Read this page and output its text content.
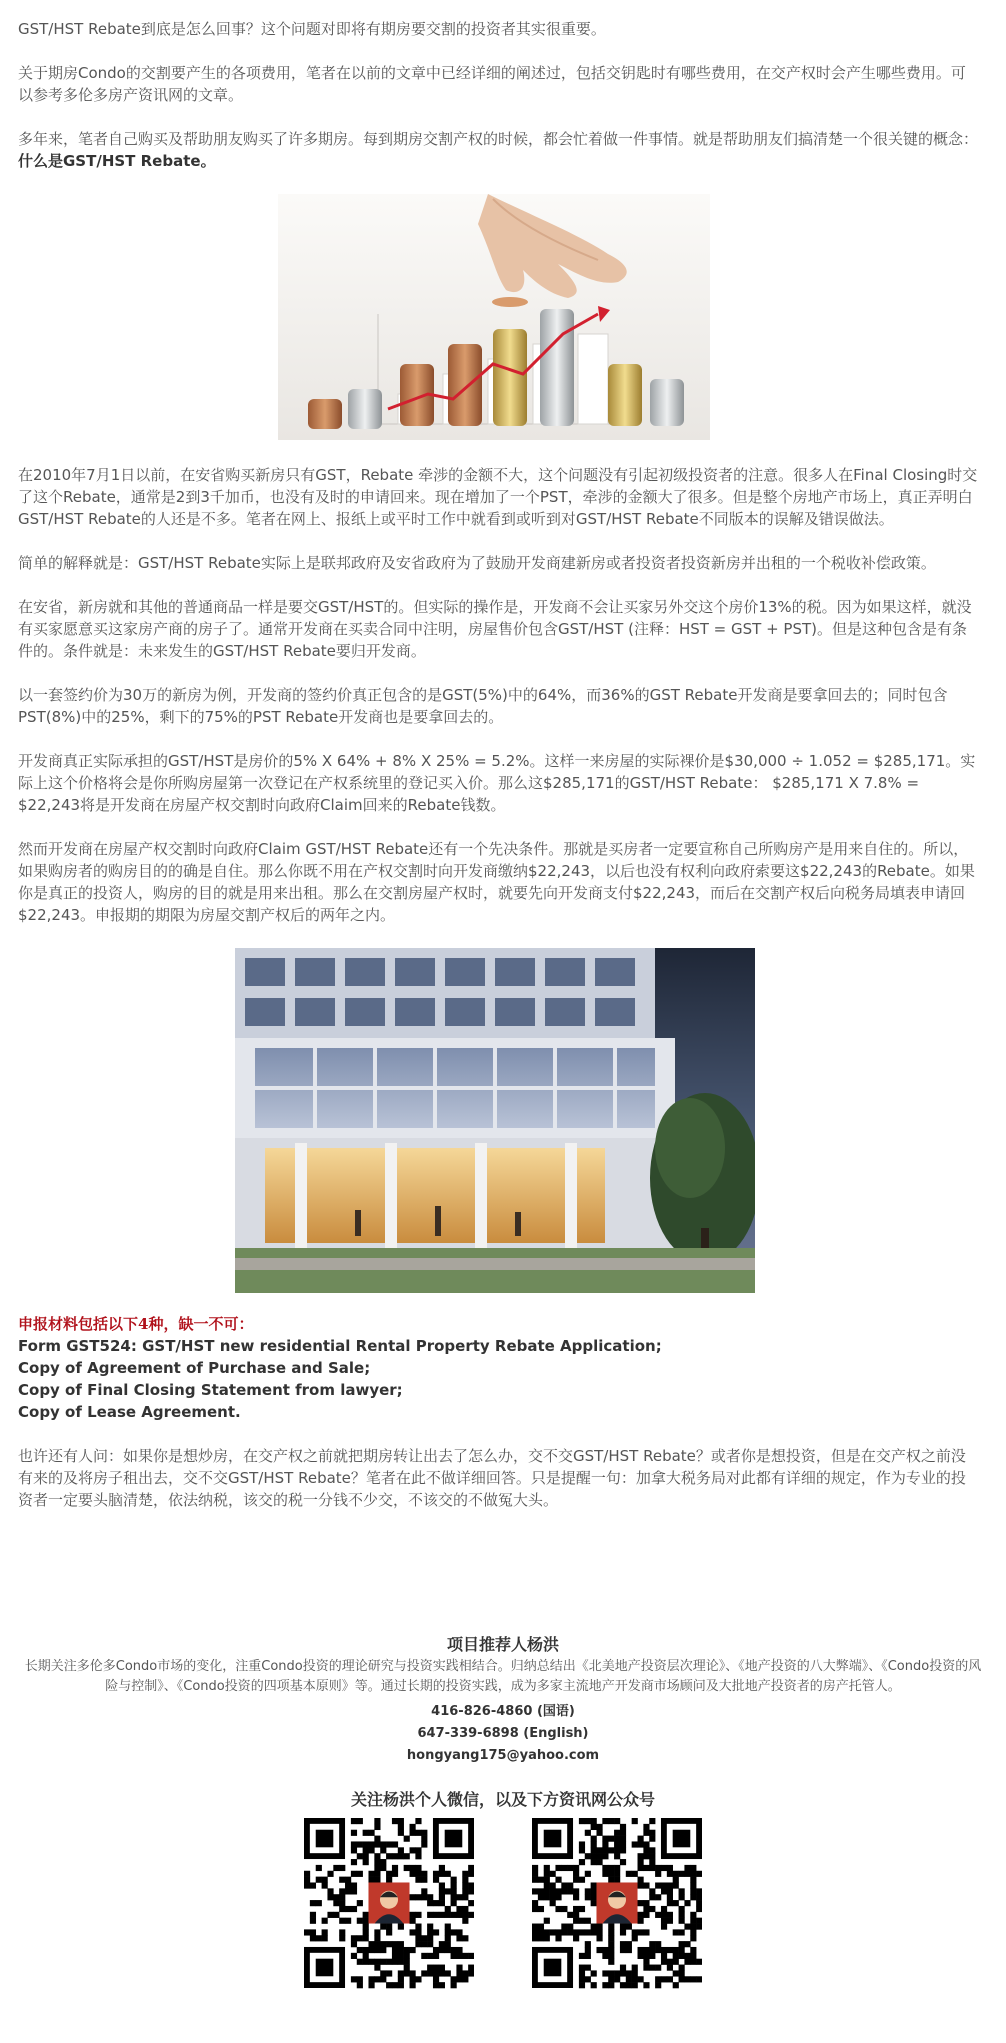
GST/HST Rebate到底是怎么回事？这个问题对即将有期房要交割的投资者其实很重要。

关于期房Condo的交割要产生的各项费用，笔者在以前的文章中已经详细的阐述过，包括交钥匙时有哪些费用，在交产权时会产生哪些费用。可以参考多伦多房产资讯网的文章。

多年来，笔者自己购买及帮助朋友购买了许多期房。每到期房交割产权的时候，都会忙着做一件事情。就是帮助朋友们搞清楚一个很关键的概念：什么是GST/HST Rebate。

在2010年7月1日以前，在安省购买新房只有GST，Rebate 牵涉的金额不大，这个问题没有引起初级投资者的注意。很多人在Final Closing时交了这个Rebate，通常是2到3千加币，也没有及时的申请回来。现在增加了一个PST，牵涉的金额大了很多。但是整个房地产市场上，真正弄明白GST/HST Rebate的人还是不多。笔者在网上、报纸上或平时工作中就看到或听到对GST/HST Rebate不同版本的误解及错误做法。

简单的解释就是：GST/HST Rebate实际上是联邦政府及安省政府为了鼓励开发商建新房或者投资者投资新房并出租的一个税收补偿政策。

在安省，新房就和其他的普通商品一样是要交GST/HST的。但实际的操作是，开发商不会让买家另外交这个房价13%的税。因为如果这样，就没有买家愿意买这家房产商的房子了。通常开发商在买卖合同中注明，房屋售价包含GST/HST (注释：HST = GST + PST)。但是这种包含是有条件的。条件就是：未来发生的GST/HST Rebate要归开发商。

以一套签约价为30万的新房为例，开发商的签约价真正包含的是GST(5%)中的64%，而36%的GST Rebate开发商是要拿回去的；同时包含PST(8%)中的25%，剩下的75%的PST Rebate开发商也是要拿回去的。

开发商真正实际承担的GST/HST是房价的5% X 64% + 8% X 25% = 5.2%。这样一来房屋的实际裸价是$30,000 ÷ 1.052 = $285,171。实际上这个价格将会是你所购房屋第一次登记在产权系统里的登记买入价。那么这$285,171的GST/HST Rebate： $285,171 X 7.8% = $22,243将是开发商在房屋产权交割时向政府Claim回来的Rebate钱数。

然而开发商在房屋产权交割时向政府Claim GST/HST Rebate还有一个先决条件。那就是买房者一定要宣称自己所购房产是用来自住的。所以，如果购房者的购房目的的确是自住。那么你既不用在产权交割时向开发商缴纳$22,243，以后也没有权利向政府索要这$22,243的Rebate。如果你是真正的投资人，购房的目的就是用来出租。那么在交割房屋产权时，就要先向开发商支付$22,243，而后在交割产权后向税务局填表申请回$22,243。申报期的期限为房屋交割产权后的两年之内。

申报材料包括以下4种，缺一不可：
Form GST524: GST/HST new residential Rental Property Rebate Application;
Copy of Agreement of Purchase and Sale;
Copy of Final Closing Statement from lawyer;
Copy of Lease Agreement.

也许还有人问：如果你是想炒房，在交产权之前就把期房转让出去了怎么办，交不交GST/HST Rebate？或者你是想投资，但是在交产权之前没有来的及将房子租出去，交不交GST/HST Rebate？笔者在此不做详细回答。只是提醒一句：加拿大税务局对此都有详细的规定，作为专业的投资者一定要头脑清楚，依法纳税，该交的税一分钱不少交，不该交的不做冤大头。

项目推荐人杨洪
长期关注多伦多Condo市场的变化，注重Condo投资的理论研究与投资实践相结合。归纳总结出《北美地产投资层次理论》、《地产投资的八大弊端》、《Condo投资的风险与控制》、《Condo投资的四项基本原则》等。通过长期的投资实践，成为多家主流地产开发商市场顾问及大批地产投资者的房产托管人。
416-826-4860 (国语)
647-339-6898 (English)
hongyang175@yahoo.com
关注杨洪个人微信，以及下方资讯网公众号
